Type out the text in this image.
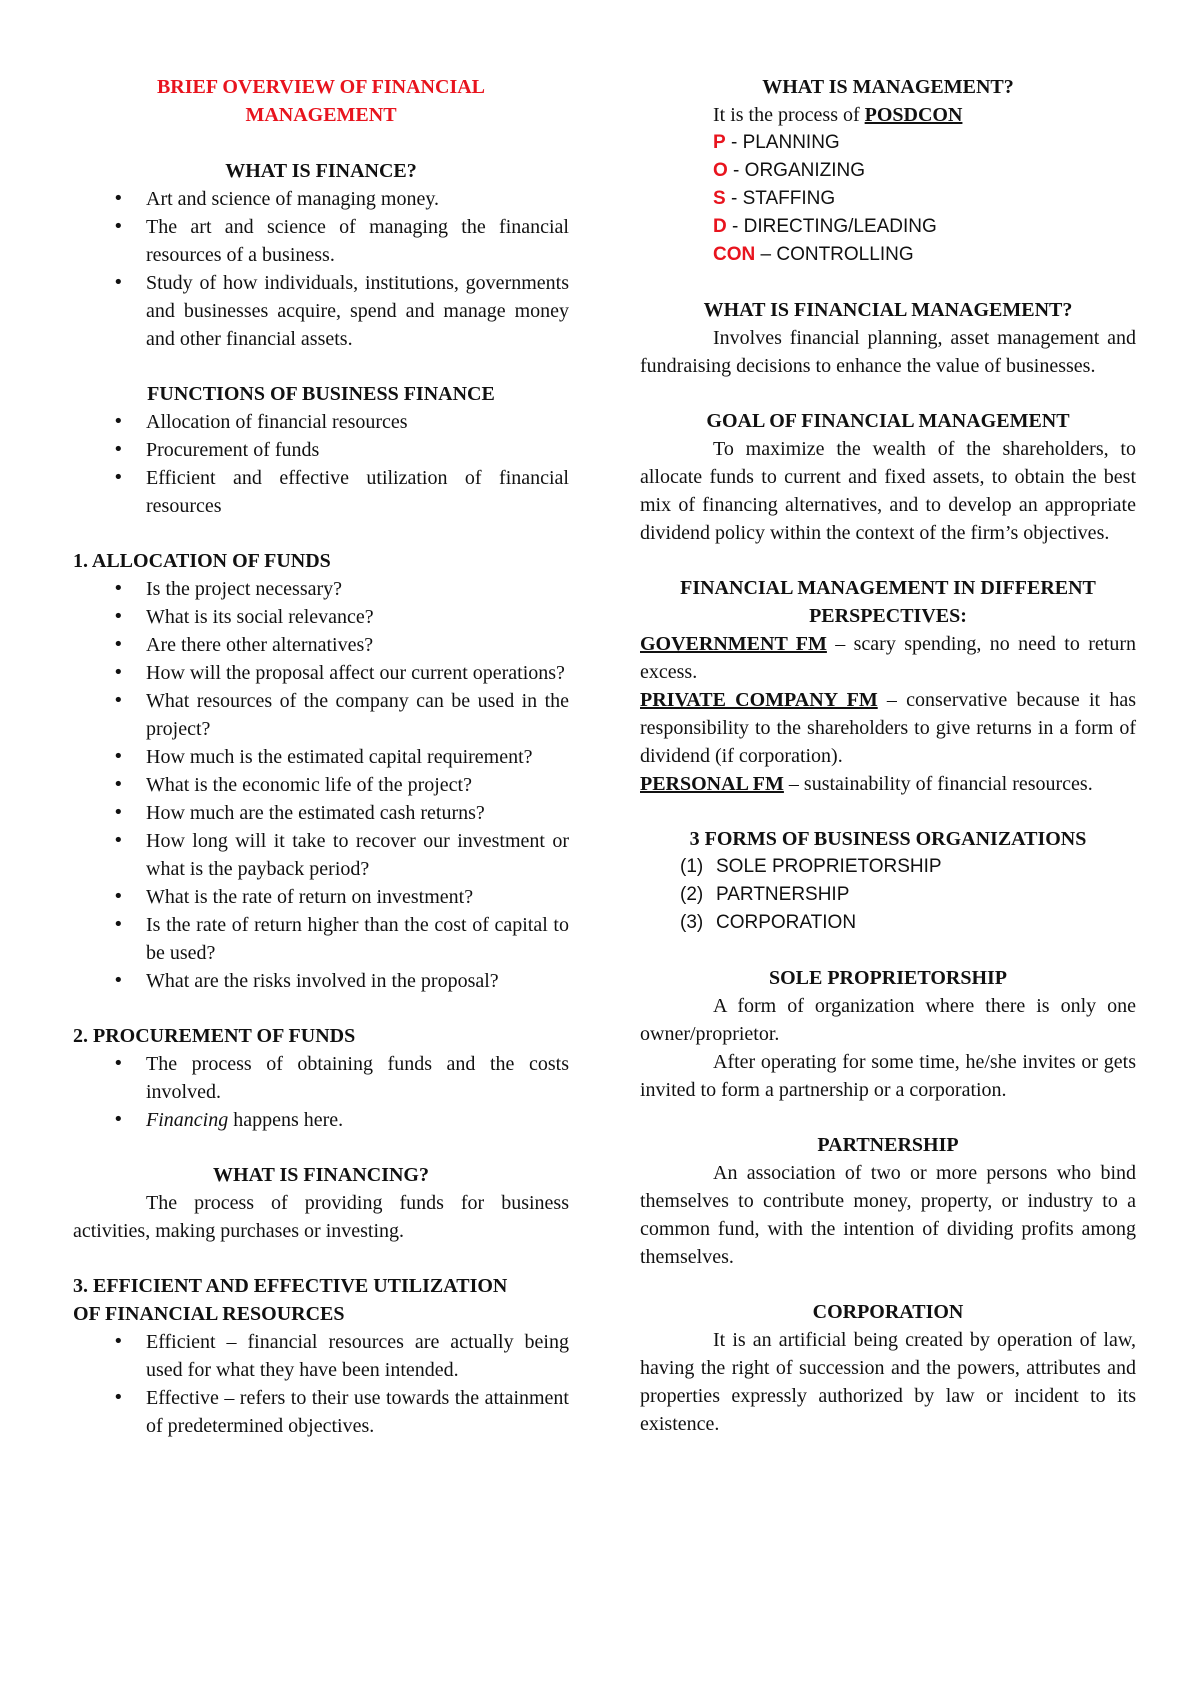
BRIEF OVERVIEW OF FINANCIAL
MANAGEMENT
WHAT IS FINANCE?
• Art and science of managing money.
• The art and science of managing the financial resources of a business.
• Study of how individuals, institutions, governments and businesses acquire, spend and manage money and other financial assets.
FUNCTIONS OF BUSINESS FINANCE
• Allocation of financial resources
• Procurement of funds
• Efficient and effective utilization of financial resources
1. ALLOCATION OF FUNDS
• Is the project necessary?
• What is its social relevance?
• Are there other alternatives?
• How will the proposal affect our current operations?
• What resources of the company can be used in the project?
• How much is the estimated capital requirement?
• What is the economic life of the project?
• How much are the estimated cash returns?
• How long will it take to recover our investment or what is the payback period?
• What is the rate of return on investment?
• Is the rate of return higher than the cost of capital to be used?
• What are the risks involved in the proposal?
2. PROCUREMENT OF FUNDS
• The process of obtaining funds and the costs involved.
• Financing happens here.
WHAT IS FINANCING?

The process of providing funds for business activities, making purchases or investing.

3. EFFICIENT AND EFFECTIVE UTILIZATION
OF FINANCIAL RESOURCES
• Efficient – financial resources are actually being used for what they have been intended.
• Effective – refers to their use towards the attainment of predetermined objectives.
WHAT IS MANAGEMENT?

It is the process of POSDCON

P - PLANNING
O - ORGANIZING
S - STAFFING
D - DIRECTING/LEADING
CON – CONTROLLING
WHAT IS FINANCIAL MANAGEMENT?

Involves financial planning, asset management and fundraising decisions to enhance the value of businesses.

GOAL OF FINANCIAL MANAGEMENT

To maximize the wealth of the shareholders, to allocate funds to current and fixed assets, to obtain the best mix of financing alternatives, and to develop an appropriate dividend policy within the context of the firm’s objectives.

FINANCIAL MANAGEMENT IN DIFFERENT
PERSPECTIVES:

GOVERNMENT FM – scary spending, no need to return excess.

PRIVATE COMPANY FM – conservative because it has responsibility to the shareholders to give returns in a form of dividend (if corporation).

PERSONAL FM – sustainability of financial resources.

3 FORMS OF BUSINESS ORGANIZATIONS
(1) SOLE PROPRIETORSHIP
(2) PARTNERSHIP
(3) CORPORATION
SOLE PROPRIETORSHIP

A form of organization where there is only one owner/proprietor.

After operating for some time, he/she invites or gets invited to form a partnership or a corporation.

PARTNERSHIP

An association of two or more persons who bind themselves to contribute money, property, or industry to a common fund, with the intention of dividing profits among themselves.

CORPORATION

It is an artificial being created by operation of law, having the right of succession and the powers, attributes and properties expressly authorized by law or incident to its existence.
